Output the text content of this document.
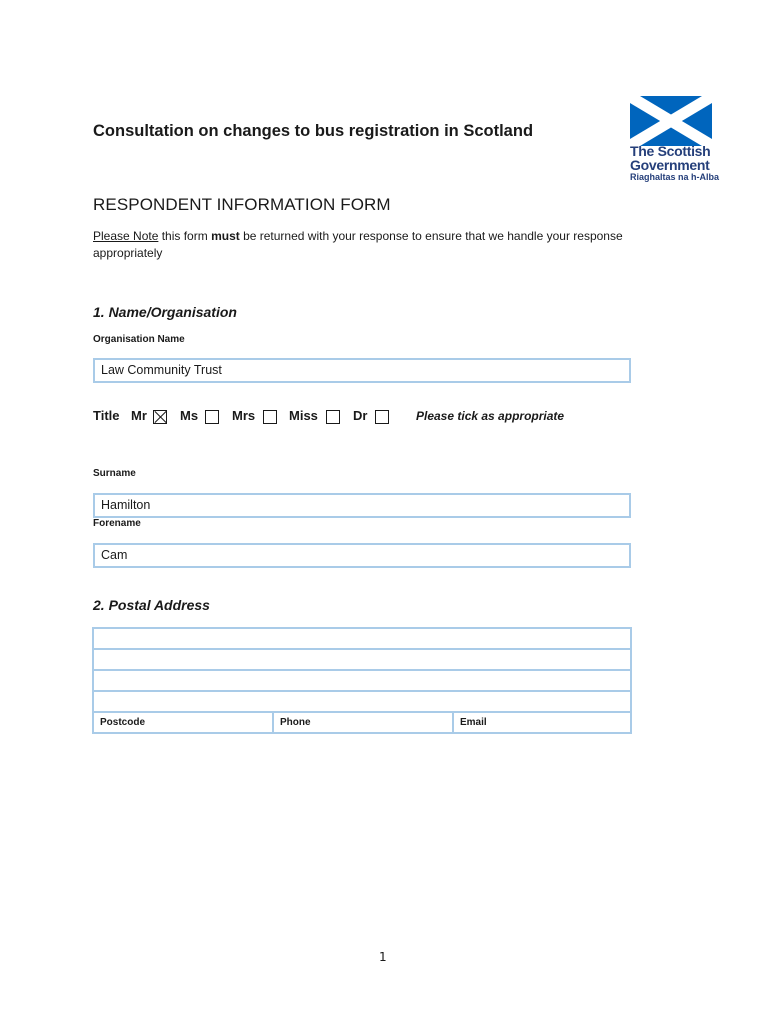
The Scottish
Government
Riaghaltas na h-Alba
Consultation on changes to bus registration in Scotland
RESPONDENT INFORMATION FORM
Please Note this form must be returned with your response to ensure that we handle your response appropriately
1. Name/Organisation
Organisation Name
Law Community Trust
Title Mr	Ms	Mrs	Miss	Dr	Please tick as appropriate
Surname
Hamilton
Forename
Cam
2. Postal Address

Postcode	Phone	Email
1
